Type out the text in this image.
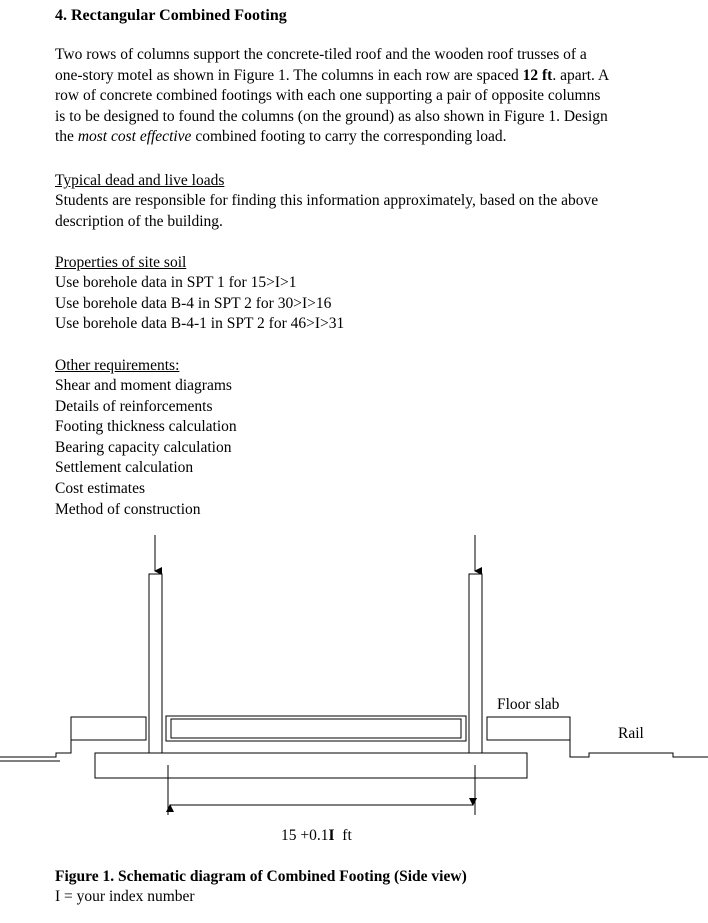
4. Rectangular Combined Footing
Two rows of columns support the concrete-tiled roof and the wooden roof trusses of a
one-story motel as shown in Figure 1. The columns in each row are spaced 12 ft. apart. A
row of concrete combined footings with each one supporting a pair of opposite columns
is to be designed to found the columns (on the ground) as also shown in Figure 1. Design
the most cost effective combined footing to carry the corresponding load.
Typical dead and live loads
Students are responsible for finding this information approximately, based on the above
description of the building.
Properties of site soil
Use borehole data in SPT 1 for 15>I>1
Use borehole data B-4 in SPT 2 for 30>I>16
Use borehole data B-4-1 in SPT 2 for 46>I>31
Other requirements:
Shear and moment diagrams
Details of reinforcements
Footing thickness calculation
Bearing capacity calculation
Settlement calculation
Cost estimates
Method of construction
Floor slab
Rail
15 +0.1I  ft
Figure 1. Schematic diagram of Combined Footing (Side view)
I = your index number
